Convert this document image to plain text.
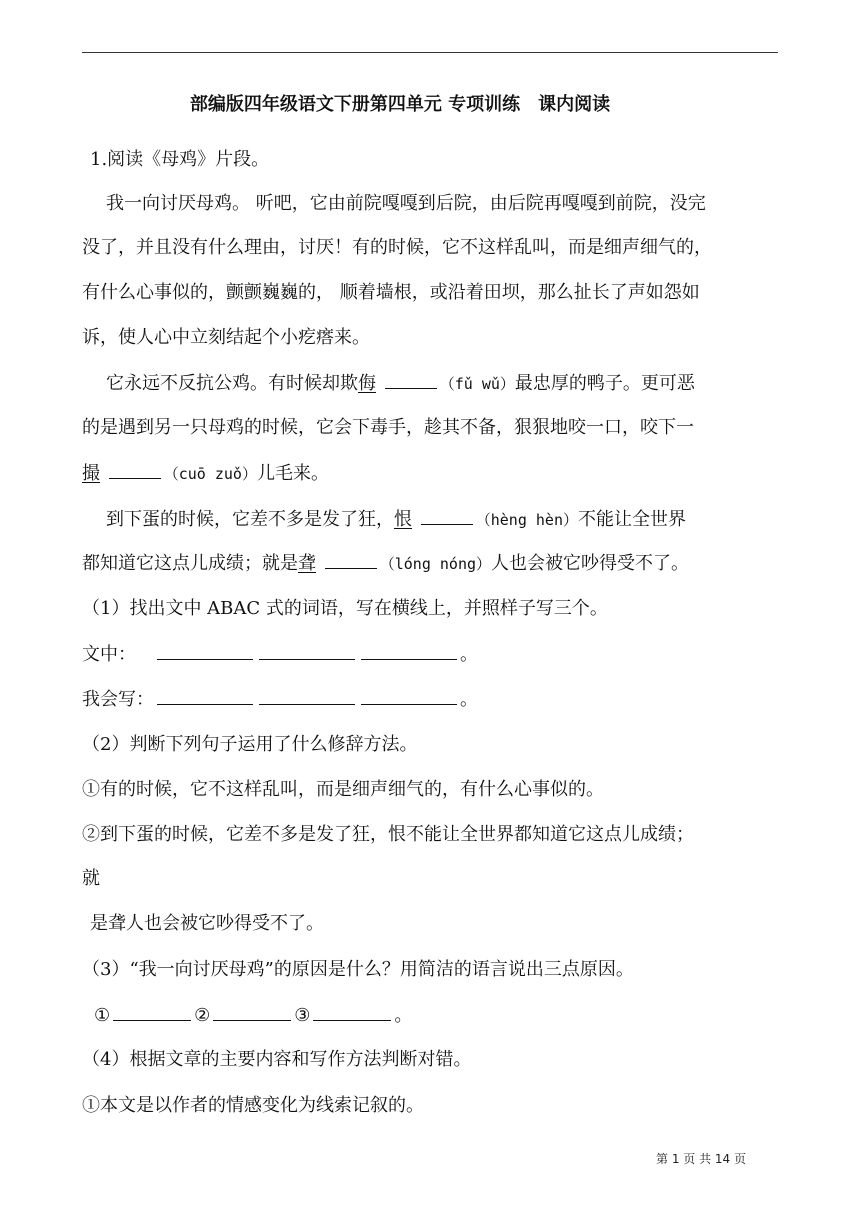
部编版四年级语文下册第四单元 专项训练　课内阅读
1.阅读《母鸡》片段。
我一向讨厌母鸡。 听吧，它由前院嘎嘎到后院，由后院再嘎嘎到前院，没完
没了，并且没有什么理由，讨厌！有的时候，它不这样乱叫，而是细声细气的，
有什么心事似的，颤颤巍巍的， 顺着墙根，或沿着田坝，那么扯长了声如怨如
诉，使人心中立刻结起个小疙瘩来。
它永远不反抗公鸡。有时候却欺侮	（fǔ wǔ）最忠厚的鸭子。更可恶
的是遇到另一只母鸡的时候，它会下毒手，趁其不备，狠狠地咬一口，咬下一
撮	（cuō zuǒ）儿毛来。
到下蛋的时候，它差不多是发了狂，恨	（hèng hèn）不能让全世界
都知道它这点儿成绩；就是聋	（lóng nóng）人也会被它吵得受不了。
（1）找出文中 ABAC 式的词语，写在横线上，并照样子写三个。
文中：	。
我会写：	。
（2）判断下列句子运用了什么修辞方法。
①有的时候，它不这样乱叫，而是细声细气的，有什么心事似的。
②到下蛋的时候，它差不多是发了狂，恨不能让全世界都知道它这点儿成绩；
就
是聋人也会被它吵得受不了。
（3）“我一向讨厌母鸡”的原因是什么？用简洁的语言说出三点原因。
①	②	③	。
（4）根据文章的主要内容和写作方法判断对错。
①本文是以作者的情感变化为线索记叙的。
第 1 页 共 14 页
